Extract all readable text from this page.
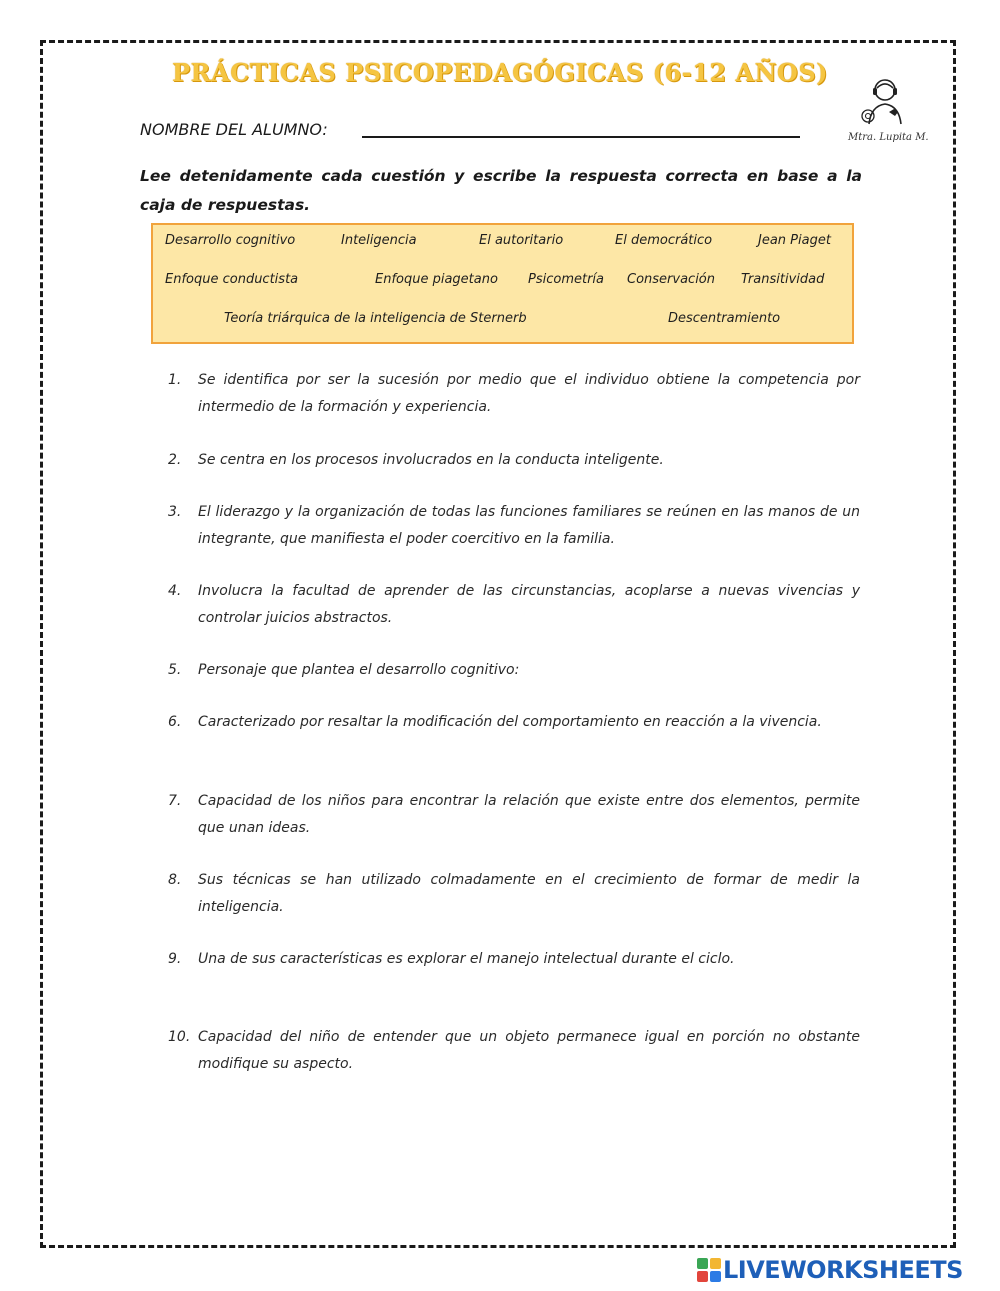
PRÁCTICAS PSICOPEDAGÓGICAS (6-12 AÑOS)
Mtra. Lupita M.
NOMBRE DEL ALUMNO:
Lee detenidamente cada cuestión y escribe la respuesta correcta en base a la caja de respuestas.
Desarrollo cognitivo	Inteligencia	El autoritario	El democrático	Jean Piaget
Enfoque conductista	Enfoque piagetano Psicometría Conservación Transitividad
Teoría triárquica de la inteligencia de Sternerb	Descentramiento
1. Se identifica por ser la sucesión por medio que el individuo obtiene la competencia por intermedio de la formación y experiencia.
2. Se centra en los procesos involucrados en la conducta inteligente.
3. El liderazgo y la organización de todas las funciones familiares se reúnen en las manos de un integrante, que manifiesta el poder coercitivo en la familia.
4. Involucra la facultad de aprender de las circunstancias, acoplarse a nuevas vivencias y controlar juicios abstractos.
5. Personaje que plantea el desarrollo cognitivo:
6. Caracterizado por resaltar la modificación del comportamiento en reacción a la vivencia.
7. Capacidad de los niños para encontrar la relación que existe entre dos elementos, permite que unan ideas.
8. Sus técnicas se han utilizado colmadamente en el crecimiento de formar de medir la inteligencia.
9. Una de sus características es explorar el manejo intelectual durante el ciclo.
10. Capacidad del niño de entender que un objeto permanece igual en porción no obstante modifique su aspecto.
LIVEWORKSHEETS
